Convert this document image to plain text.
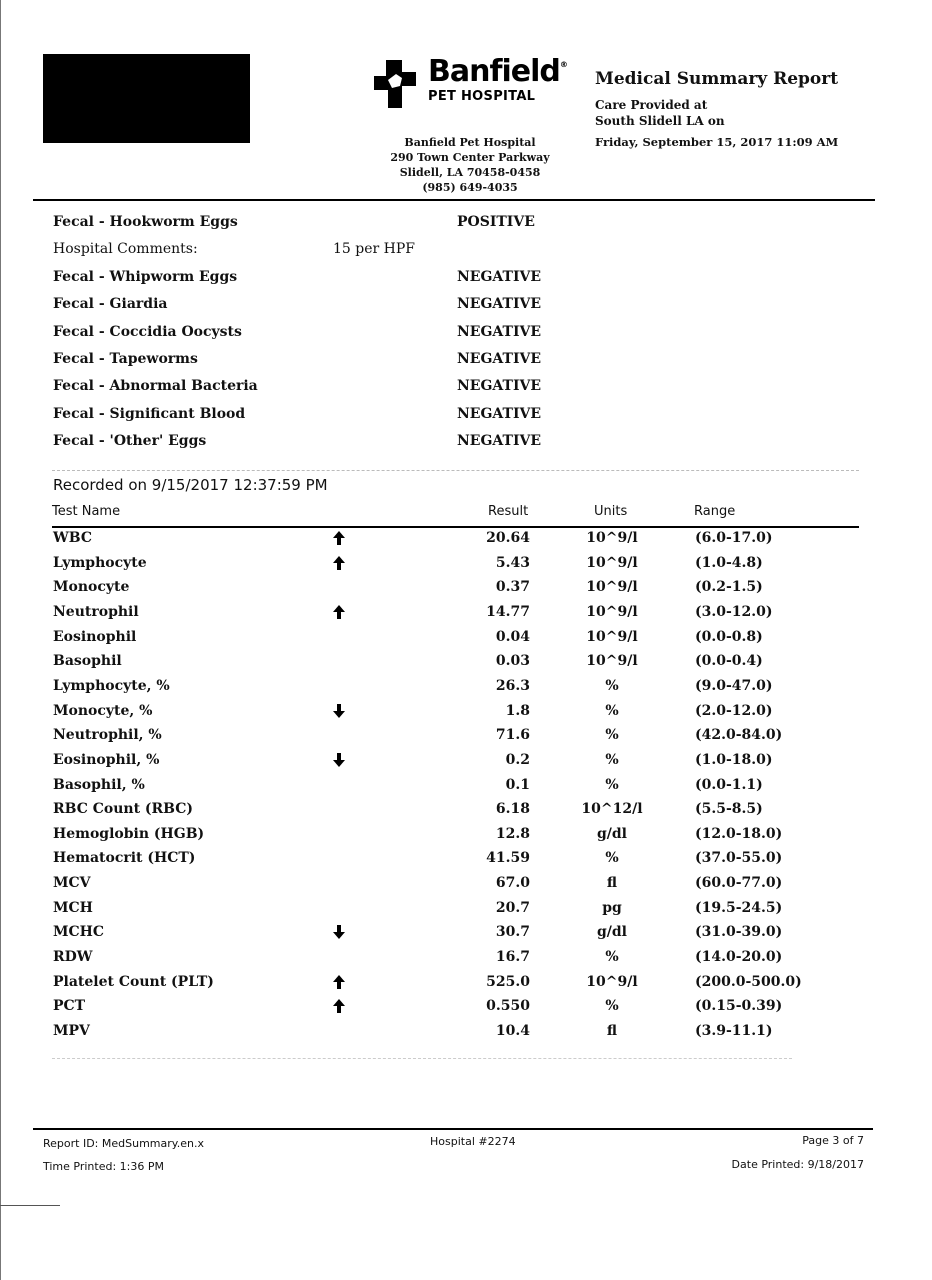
Banfield®
PET HOSPITAL
Banfield Pet Hospital
290 Town Center Parkway
Slidell, LA 70458-0458
(985) 649-4035
Medical Summary Report
Care Provided at
South Slidell LA on
Friday, September 15, 2017 11:09 AM
Fecal - Hookworm Eggs	POSITIVE
Hospital Comments:	15 per HPF
Fecal - Whipworm Eggs	NEGATIVE
Fecal - Giardia	NEGATIVE
Fecal - Coccidia Oocysts	NEGATIVE
Fecal - Tapeworms	NEGATIVE
Fecal - Abnormal Bacteria	NEGATIVE
Fecal - Significant Blood	NEGATIVE
Fecal - 'Other' Eggs	NEGATIVE
Recorded on 9/15/2017 12:37:59 PM
Test Name	Result	Units	Range
WBC	20.64	10^9/l	(6.0-17.0)
Lymphocyte	5.43	10^9/l	(1.0-4.8)
Monocyte	0.37	10^9/l	(0.2-1.5)
Neutrophil	14.77	10^9/l	(3.0-12.0)
Eosinophil	0.04	10^9/l	(0.0-0.8)
Basophil	0.03	10^9/l	(0.0-0.4)
Lymphocyte, %	26.3	%	(9.0-47.0)
Monocyte, %	1.8	%	(2.0-12.0)
Neutrophil, %	71.6	%	(42.0-84.0)
Eosinophil, %	0.2	%	(1.0-18.0)
Basophil, %	0.1	%	(0.0-1.1)
RBC Count (RBC)	6.18	10^12/l	(5.5-8.5)
Hemoglobin (HGB)	12.8	g/dl	(12.0-18.0)
Hematocrit (HCT)	41.59	%	(37.0-55.0)
MCV	67.0	fl	(60.0-77.0)
MCH	20.7	pg	(19.5-24.5)
MCHC	30.7	g/dl	(31.0-39.0)
RDW	16.7	%	(14.0-20.0)
Platelet Count (PLT)	525.0	10^9/l	(200.0-500.0)
PCT	0.550	%	(0.15-0.39)
MPV	10.4	fl	(3.9-11.1)
Report ID: MedSummary.en.x
Time Printed: 1:36 PM
Hospital #2274	Page 3 of 7
Date Printed: 9/18/2017
